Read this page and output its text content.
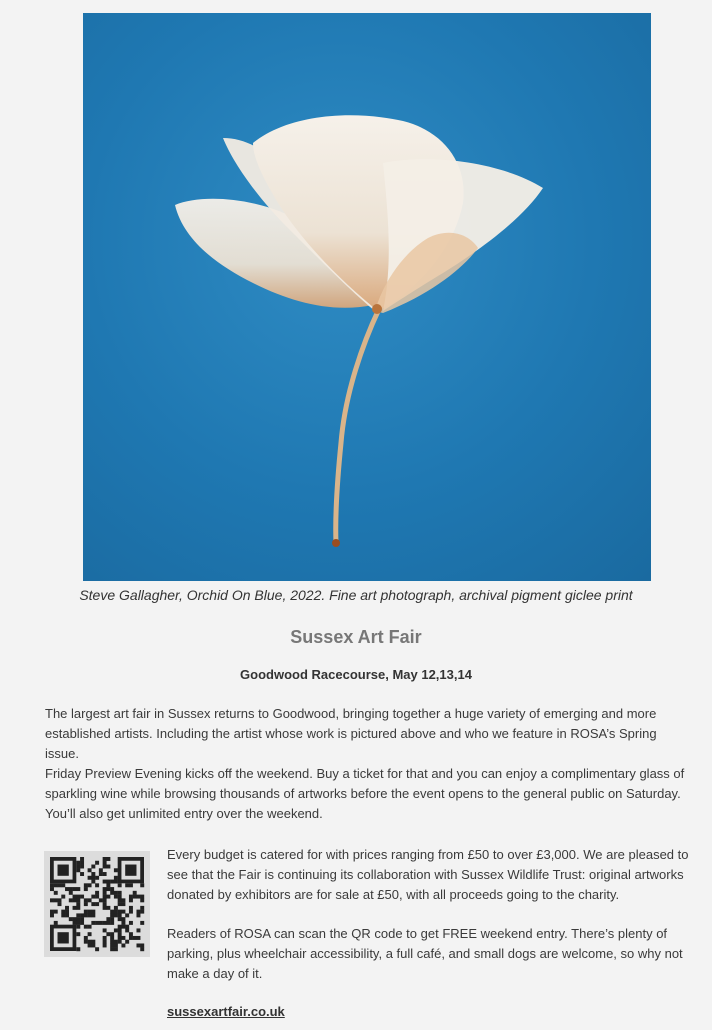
Steve Gallagher, Orchid On Blue, 2022. Fine art photograph, archival pigment giclee print
Sussex Art Fair
Goodwood Racecourse, May 12,13,14

The largest art fair in Sussex returns to Goodwood, bringing together a huge variety of emerging and more established artists. Including the artist whose work is pictured above and who we feature in ROSA’s Spring issue.

Friday Preview Evening kicks off the weekend. Buy a ticket for that and you can enjoy a complimentary glass of sparkling wine while browsing thousands of artworks before the event opens to the general public on Saturday. You’ll also get unlimited entry over the weekend.

Every budget is catered for with prices ranging from £50 to over £3,000. We are pleased to see that the Fair is continuing its collaboration with Sussex Wildlife Trust: original artworks donated by exhibitors are for sale at £50, with all proceeds going to the charity.

Readers of ROSA can scan the QR code to get FREE weekend entry. There’s plenty of parking, plus wheelchair accessibility, a full café, and small dogs are welcome, so why not make a day of it.

sussexartfair.co.uk
